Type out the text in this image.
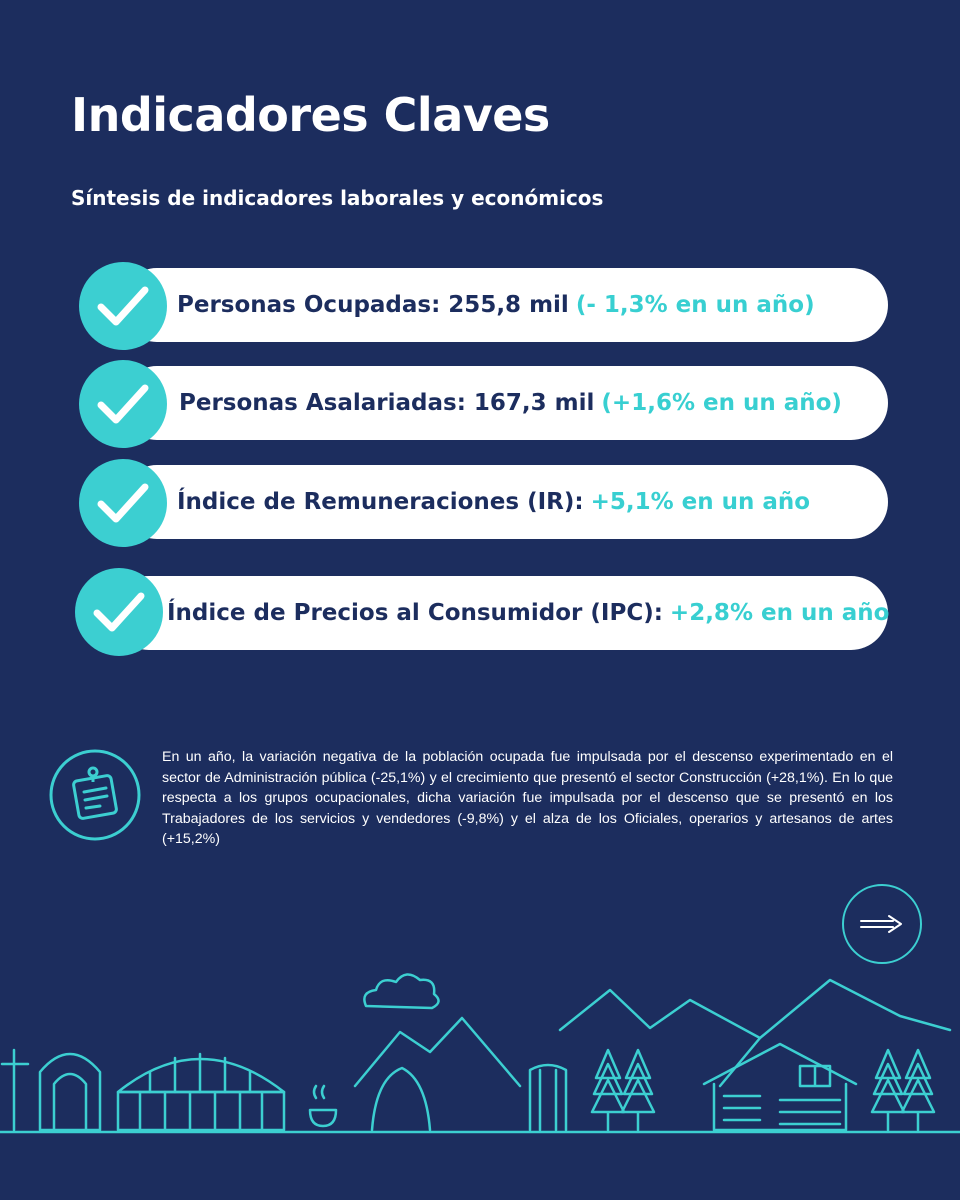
Indicadores Claves
Síntesis de indicadores laborales y económicos
Personas Ocupadas: 255,8 mil (- 1,3% en un año)
Personas Asalariadas: 167,3 mil (+1,6% en un año)
Índice de Remuneraciones (IR): +5,1% en un año
Índice de Precios al Consumidor (IPC): +2,8% en un año

En un año, la variación negativa de la población ocupada fue impulsada por el descenso experimentado en el sector de Administración pública (-25,1%) y el crecimiento que presentó el sector Construcción (+28,1%). En lo que respecta a los grupos ocupacionales, dicha variación fue impulsada por el descenso que se presentó en los Trabajadores de los servicios y vendedores (-9,8%) y el alza de los Oficiales, operarios y artesanos de artes (+15,2%)
